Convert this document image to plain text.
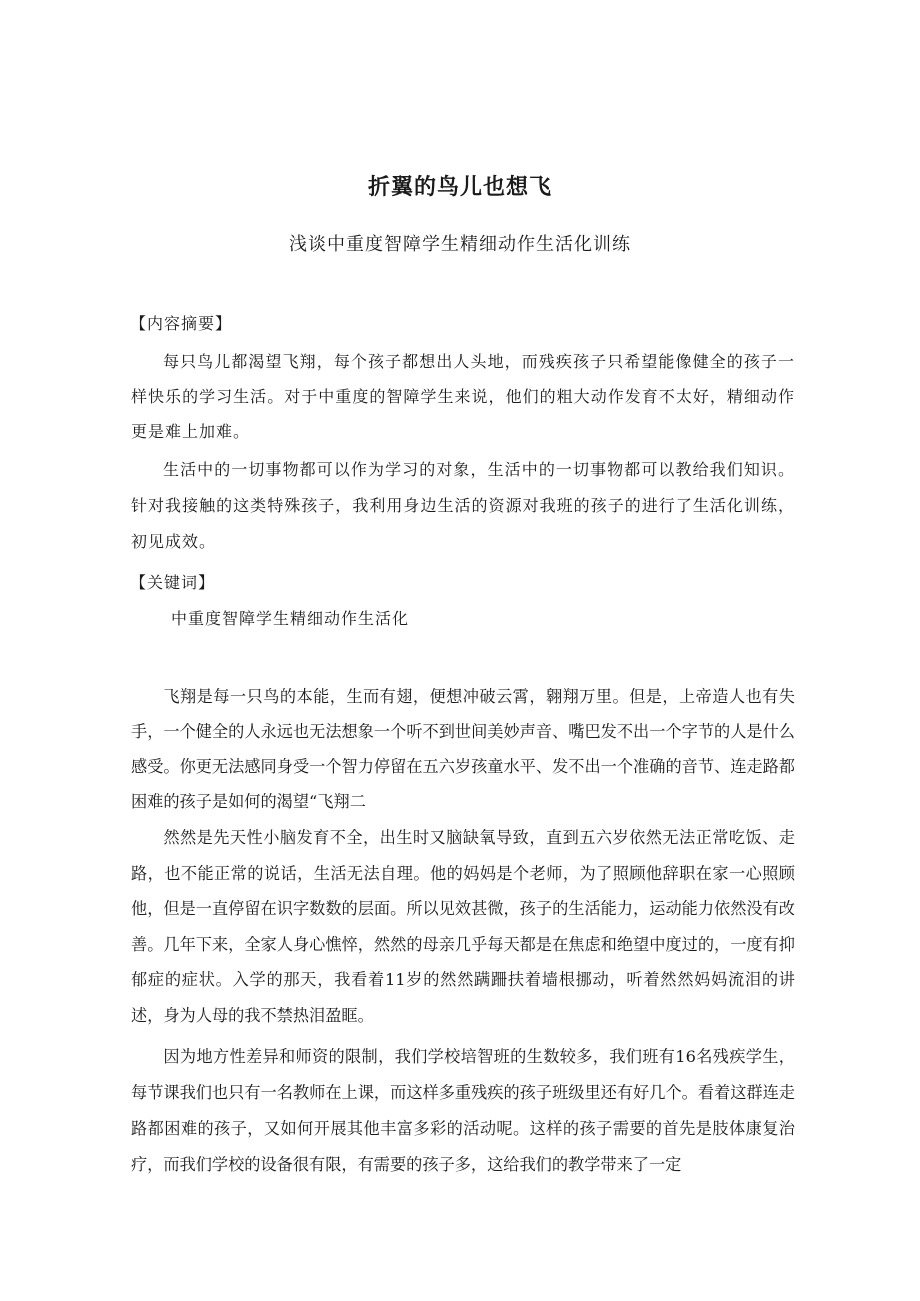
折翼的鸟儿也想飞
浅谈中重度智障学生精细动作生活化训练
【内容摘要】
每只鸟儿都渴望飞翔，每个孩子都想出人头地，而残疾孩子只希望能像健全的孩子一样快乐的学习生活。对于中重度的智障学生来说，他们的粗大动作发育不太好，精细动作更是难上加难。
生活中的一切事物都可以作为学习的对象，生活中的一切事物都可以教给我们知识。针对我接触的这类特殊孩子，我利用身边生活的资源对我班的孩子的进行了生活化训练，初见成效。
【关键词】
中重度智障学生精细动作生活化
飞翔是每一只鸟的本能，生而有翅，便想冲破云霄，翱翔万里。但是，上帝造人也有失手，一个健全的人永远也无法想象一个听不到世间美妙声音、嘴巴发不出一个字节的人是什么感受。你更无法感同身受一个智力停留在五六岁孩童水平、发不出一个准确的音节、连走路都困难的孩子是如何的渴望“飞翔二
然然是先天性小脑发育不全，出生时又脑缺氧导致，直到五六岁依然无法正常吃饭、走路，也不能正常的说话，生活无法自理。他的妈妈是个老师，为了照顾他辞职在家一心照顾他，但是一直停留在识字数数的层面。所以见效甚微，孩子的生活能力，运动能力依然没有改善。几年下来，全家人身心憔悴，然然的母亲几乎每天都是在焦虑和绝望中度过的，一度有抑郁症的症状。入学的那天，我看着11岁的然然蹒跚扶着墙根挪动，听着然然妈妈流泪的讲述，身为人母的我不禁热泪盈眶。
因为地方性差异和师资的限制，我们学校培智班的生数较多，我们班有16名残疾学生，每节课我们也只有一名教师在上课，而这样多重残疾的孩子班级里还有好几个。看着这群连走路都困难的孩子，又如何开展其他丰富多彩的活动呢。这样的孩子需要的首先是肢体康复治疗，而我们学校的设备很有限，有需要的孩子多，这给我们的教学带来了一定
